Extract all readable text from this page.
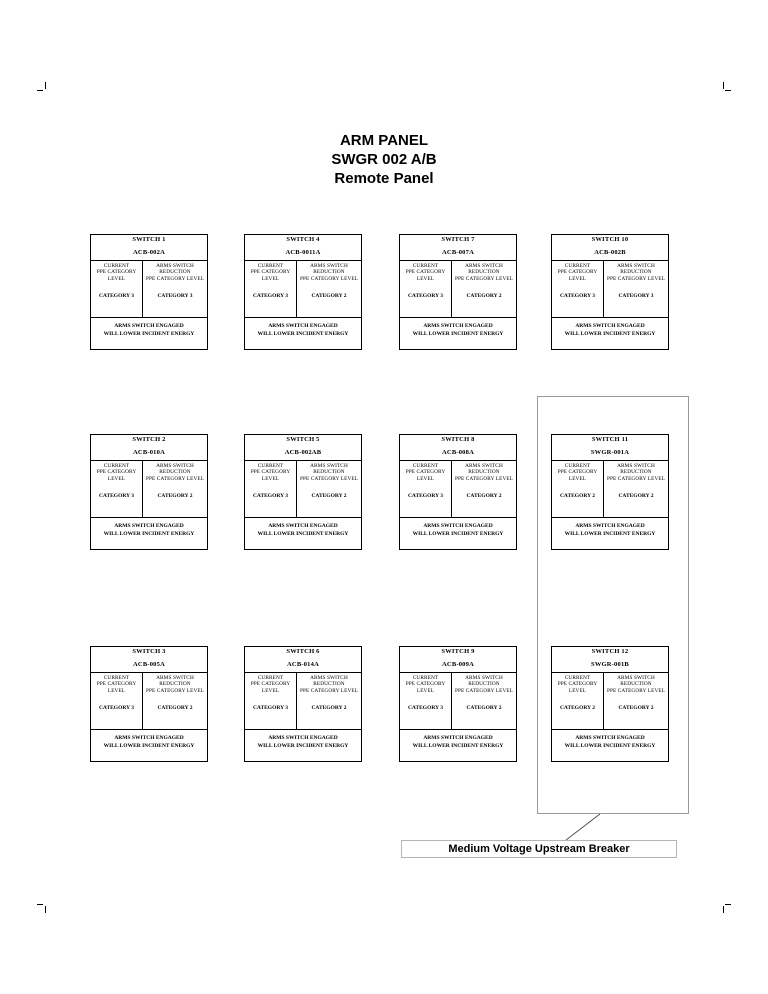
ARM PANEL
SWGR 002 A/B
Remote Panel
SWITCH 1
ACB-002A
CURRENT
PPE CATEGORY
LEVEL
ARMS SWITCH
REDUCTION
PPE CATEGORY LEVEL
CATEGORY 3	CATEGORY 3
ARMS SWITCH ENGAGED
WILL LOWER INCIDENT ENERGY
SWITCH 4
ACB-0011A
CURRENT
PPE CATEGORY
LEVEL
ARMS SWITCH
REDUCTION
PPE CATEGORY LEVEL
CATEGORY 3	CATEGORY 2
ARMS SWITCH ENGAGED
WILL LOWER INCIDENT ENERGY
SWITCH 7
ACB-007A
CURRENT
PPE CATEGORY
LEVEL
ARMS SWITCH
REDUCTION
PPE CATEGORY LEVEL
CATEGORY 3	CATEGORY 2
ARMS SWITCH ENGAGED
WILL LOWER INCIDENT ENERGY
SWITCH 10
ACB-002B
CURRENT
PPE CATEGORY
LEVEL
ARMS SWITCH
REDUCTION
PPE CATEGORY LEVEL
CATEGORY 3	CATEGORY 3
ARMS SWITCH ENGAGED
WILL LOWER INCIDENT ENERGY
SWITCH 2
ACB-010A
CURRENT
PPE CATEGORY
LEVEL
ARMS SWITCH
REDUCTION
PPE CATEGORY LEVEL
CATEGORY 3	CATEGORY 2
ARMS SWITCH ENGAGED
WILL LOWER INCIDENT ENERGY
SWITCH 5
ACB-002AB
CURRENT
PPE CATEGORY
LEVEL
ARMS SWITCH
REDUCTION
PPE CATEGORY LEVEL
CATEGORY 3	CATEGORY 2
ARMS SWITCH ENGAGED
WILL LOWER INCIDENT ENERGY
SWITCH 8
ACB-008A
CURRENT
PPE CATEGORY
LEVEL
ARMS SWITCH
REDUCTION
PPE CATEGORY LEVEL
CATEGORY 3	CATEGORY 2
ARMS SWITCH ENGAGED
WILL LOWER INCIDENT ENERGY
SWITCH 11
SWGR-001A
CURRENT
PPE CATEGORY
LEVEL
ARMS SWITCH
REDUCTION
PPE CATEGORY LEVEL
CATEGORY 2	CATEGORY 2
ARMS SWITCH ENGAGED
WILL LOWER INCIDENT ENERGY
SWITCH 3
ACB-005A
CURRENT
PPE CATEGORY
LEVEL
ARMS SWITCH
REDUCTION
PPE CATEGORY LEVEL
CATEGORY 3	CATEGORY 2
ARMS SWITCH ENGAGED
WILL LOWER INCIDENT ENERGY
SWITCH 6
ACB-014A
CURRENT
PPE CATEGORY
LEVEL
ARMS SWITCH
REDUCTION
PPE CATEGORY LEVEL
CATEGORY 3	CATEGORY 2
ARMS SWITCH ENGAGED
WILL LOWER INCIDENT ENERGY
SWITCH 9
ACB-009A
CURRENT
PPE CATEGORY
LEVEL
ARMS SWITCH
REDUCTION
PPE CATEGORY LEVEL
CATEGORY 3	CATEGORY 2
ARMS SWITCH ENGAGED
WILL LOWER INCIDENT ENERGY
SWITCH 12
SWGR-001B
CURRENT
PPE CATEGORY
LEVEL
ARMS SWITCH
REDUCTION
PPE CATEGORY LEVEL
CATEGORY 2	CATEGORY 2
ARMS SWITCH ENGAGED
WILL LOWER INCIDENT ENERGY
Medium Voltage Upstream Breaker
